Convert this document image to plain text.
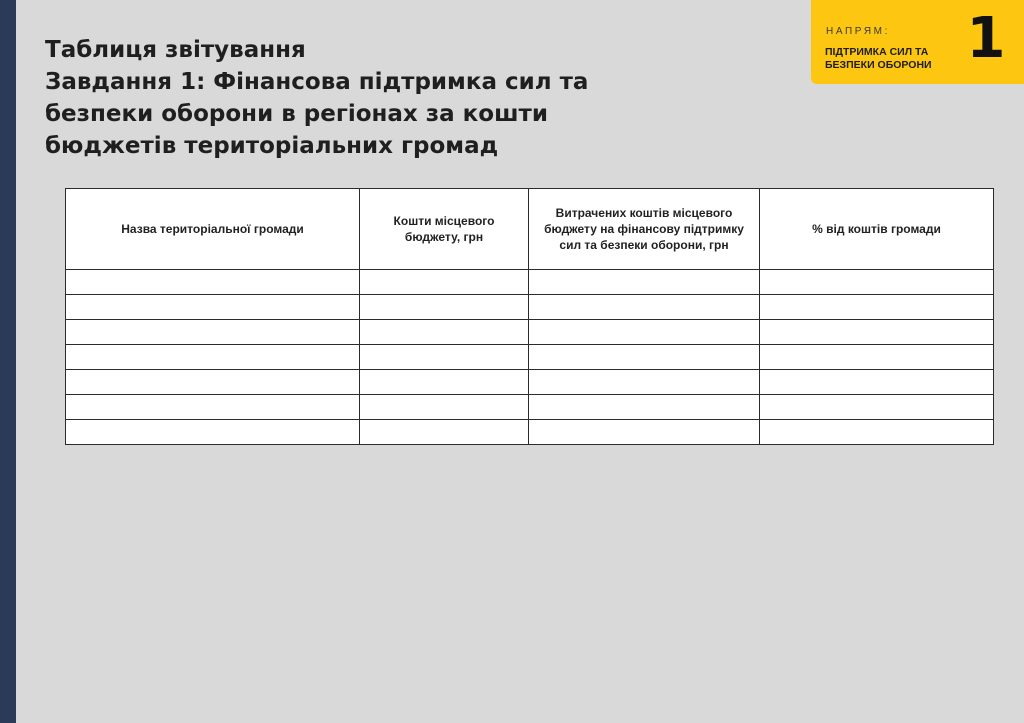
Таблиця звітування
Завдання 1: Фінансова підтримка сил та
безпеки оборони в регіонах за кошти
бюджетів територіальних громад
НАПРЯМ:
ПІДТРИМКА СИЛ ТА БЕЗПЕКИ ОБОРОНИ 1
Назва територіальної громади	Кошти місцевого бюджету, грн	Витрачених коштів місцевого бюджету на фінансову підтримку сил та безпеки оборони, грн	% від коштів громади
